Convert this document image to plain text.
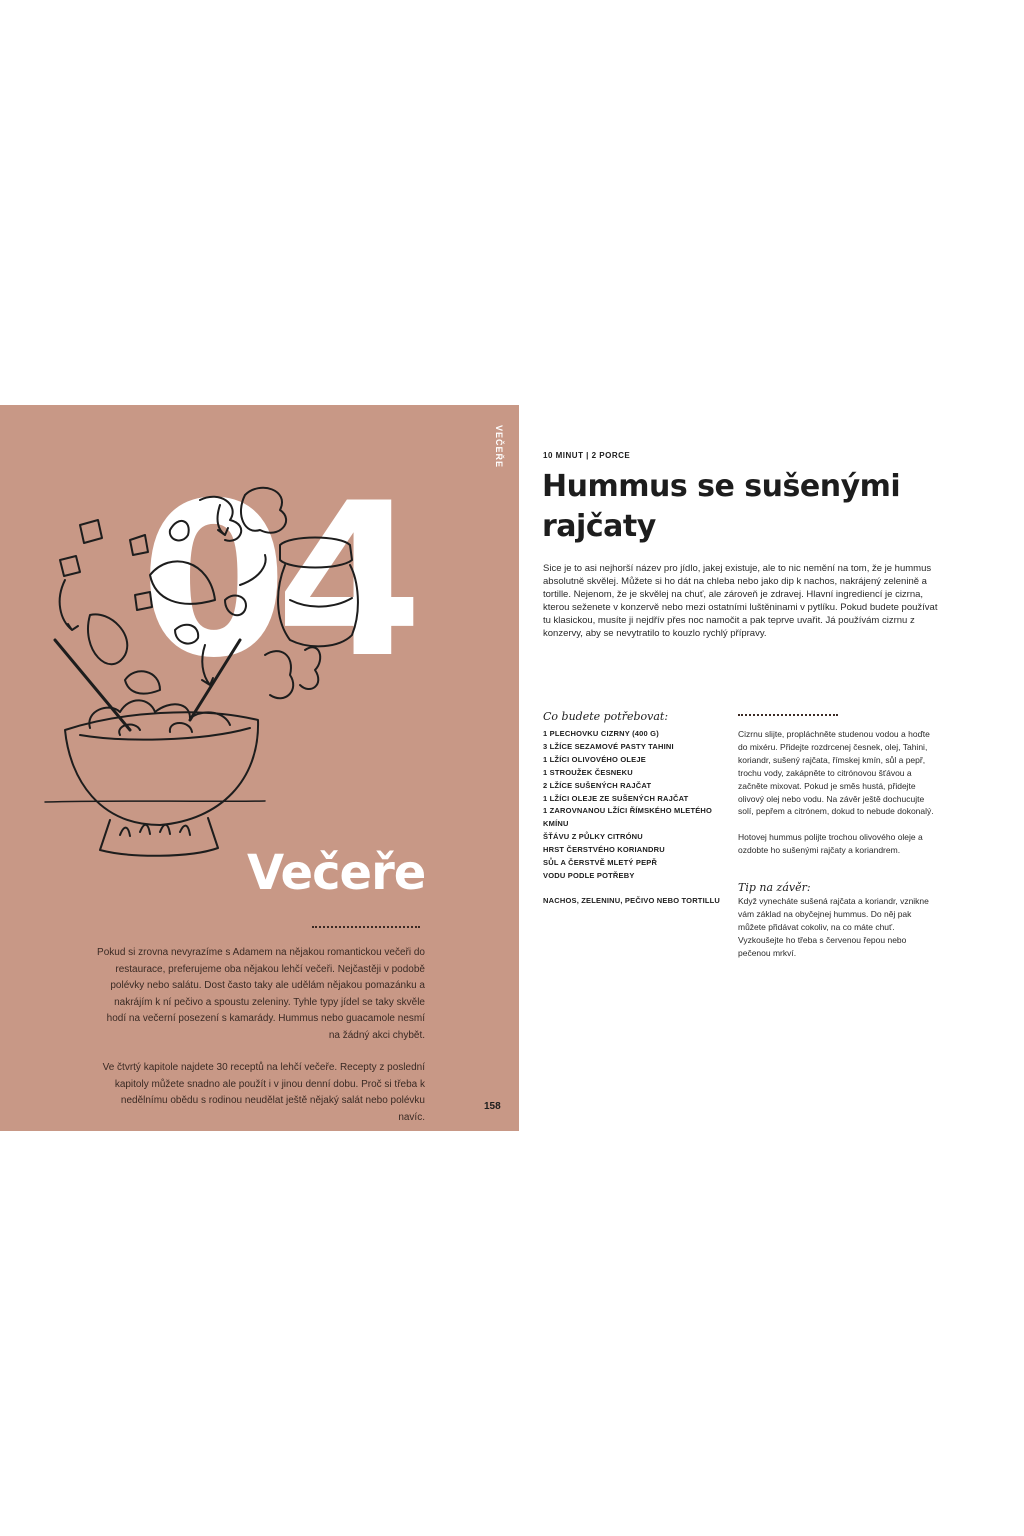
VEČEŘE
04
Večeře

Pokud si zrovna nevyrazíme s Adamem na nějakou romantickou večeři do restaurace, preferujeme oba nějakou lehčí večeři. Nejčastěji v podobě polévky nebo salátu. Dost často taky ale udělám nějakou pomazánku a nakrájím k ní pečivo a spoustu zeleniny. Tyhle typy jídel se taky skvěle hodí na večerní posezení s kamarády. Hummus nebo guacamole nesmí na žádný akci chybět.

Ve čtvrtý kapitole najdete 30 receptů na lehčí večeře. Recepty z poslední kapitoly můžete snadno ale použít i v jinou denní dobu. Proč si třeba k nedělnímu obědu s rodinou neudělat ještě nějaký salát nebo polévku navíc.

158
10 MINUT | 2 PORCE
Hummus se sušenými rajčaty
Sice je to asi nejhorší název pro jídlo, jakej existuje, ale to nic nemění na tom, že je hummus absolutně skvělej. Můžete si ho dát na chleba nebo jako dip k nachos, nakrájený zelenině a tortille. Nejenom, že je skvělej na chuť, ale zároveň je zdravej. Hlavní ingrediencí je cizrna, kterou seženete v konzervě nebo mezi ostatními luštěninami v pytlíku. Pokud budete používat tu klasickou, musíte ji nejdřív přes noc namočit a pak teprve uvařit. Já používám cizrnu z konzervy, aby se nevytratilo to kouzlo rychlý přípravy.
Co budete potřebovat:
1 PLECHOVKU CIZRNY (400 G)
3 LŽÍCE SEZAMOVÉ PASTY TAHINI
1 LŽÍCI OLIVOVÉHO OLEJE
1 STROUŽEK ČESNEKU
2 LŽÍCE SUŠENÝCH RAJČAT
1 LŽÍCI OLEJE ZE SUŠENÝCH RAJČAT
1 ZAROVNANOU LŽÍCI ŘÍMSKÉHO MLETÉHO KMÍNU
ŠŤÁVU Z PŮLKY CITRÓNU
HRST ČERSTVÉHO KORIANDRU
SŮL A ČERSTVĚ MLETÝ PEPŘ
VODU PODLE POTŘEBY
NACHOS, ZELENINU, PEČIVO NEBO TORTILLU

Cizrnu slijte, propláchněte studenou vodou a hoďte do mixéru. Přidejte rozdrcenej česnek, olej, Tahini, koriandr, sušený rajčata, římskej kmín, sůl a pepř, trochu vody, zakápněte to citrónovou šťávou a začněte mixovat. Pokud je směs hustá, přidejte olivový olej nebo vodu. Na závěr ještě dochucujte solí, pepřem a citrónem, dokud to nebude dokonalý.

Hotovej hummus polijte trochou olivového oleje a ozdobte ho sušenými rajčaty a koriandrem.

Tip na závěr:

Když vynecháte sušená rajčata a koriandr, vznikne vám základ na obyčejnej hummus. Do něj pak můžete přidávat cokoliv, na co máte chuť. Vyzkoušejte ho třeba s červenou řepou nebo pečenou mrkví.
